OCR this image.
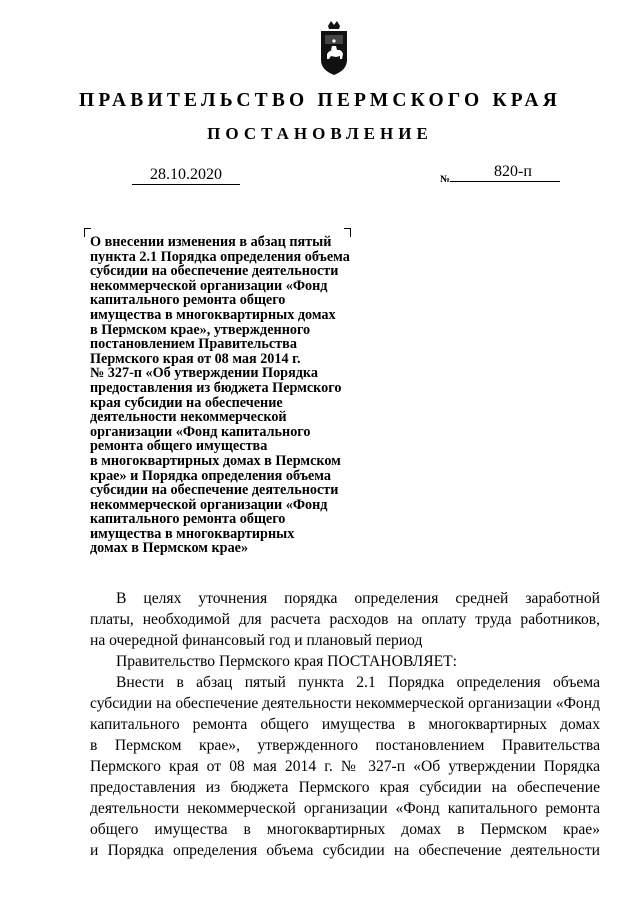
ПРАВИТЕЛЬСТВО ПЕРМСКОГО КРАЯ
ПОСТАНОВЛЕНИЕ
28.10.2020	№	820-п
О внесении изменения в абзац пятый
пункта 2.1 Порядка определения объема
субсидии на обеспечение деятельности
некоммерческой организации «Фонд
капитального ремонта общего
имущества в многоквартирных домах
в Пермском крае», утвержденного
постановлением Правительства
Пермского края от 08 мая 2014 г.
№ 327-п «Об утверждении Порядка
предоставления из бюджета Пермского
края субсидии на обеспечение
деятельности некоммерческой
организации «Фонд капитального
ремонта общего имущества
в многоквартирных домах в Пермском
крае» и Порядка определения объема
субсидии на обеспечение деятельности
некоммерческой организации «Фонд
капитального ремонта общего
имущества в многоквартирных
домах в Пермском крае»
В целях уточнения порядка определения средней заработной
платы, необходимой для расчета расходов на оплату труда работников,
на очередной финансовый год и плановый период
Правительство Пермского края ПОСТАНОВЛЯЕТ:
Внести в абзац пятый пункта 2.1 Порядка определения объема
субсидии на обеспечение деятельности некоммерческой организации «Фонд
капитального ремонта общего имущества в многоквартирных домах
в Пермском крае», утвержденного постановлением Правительства
Пермского края от 08 мая 2014 г. № 327-п «Об утверждении Порядка
предоставления из бюджета Пермского края субсидии на обеспечение
деятельности некоммерческой организации «Фонд капитального ремонта
общего имущества в многоквартирных домах в Пермском крае»
и Порядка определения объема субсидии на обеспечение деятельности
